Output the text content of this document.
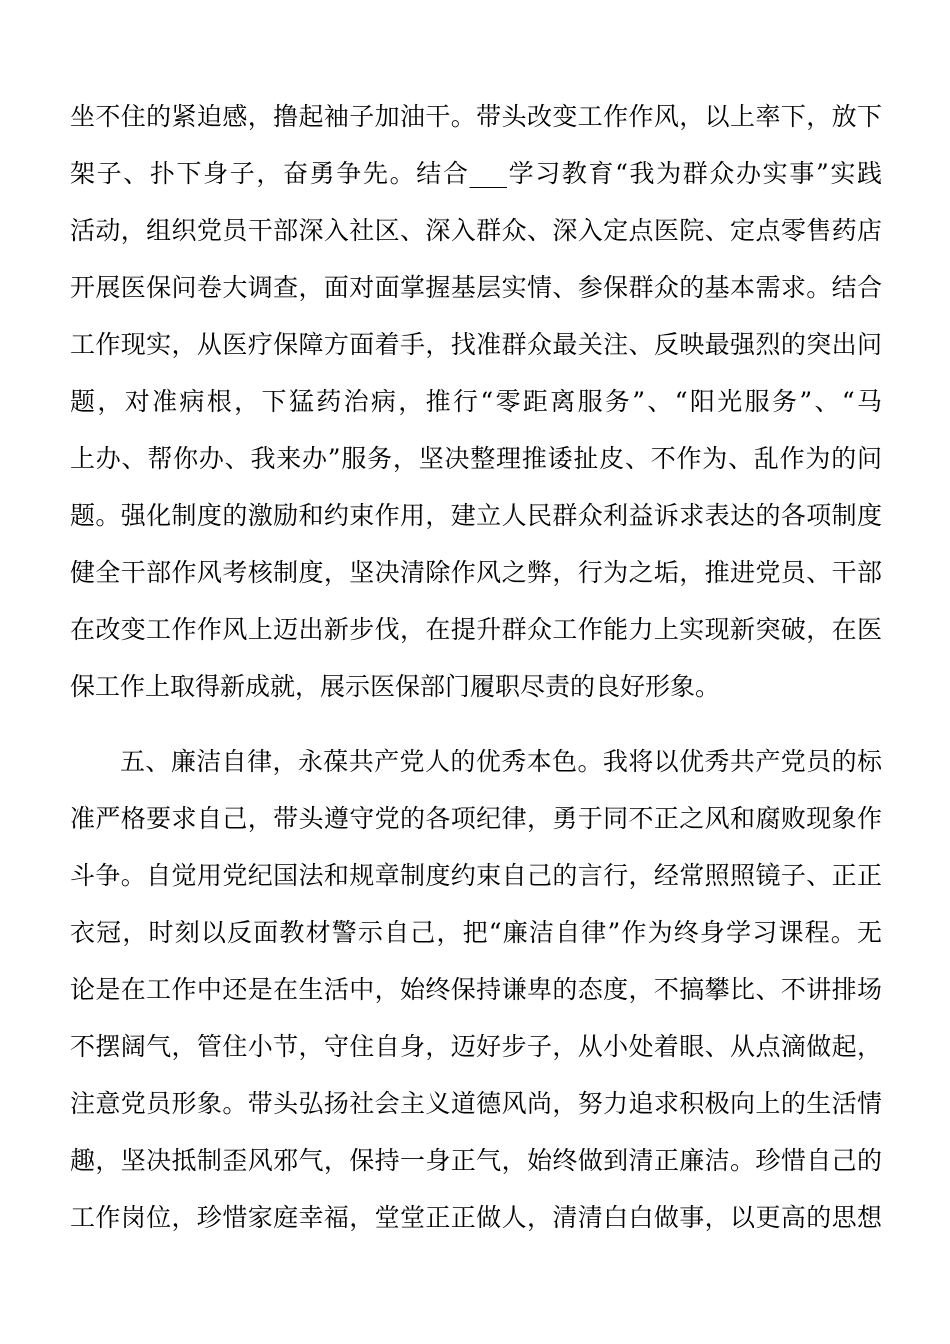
坐不住的紧迫感，撸起袖子加油干。带头改变工作作风，以上率下，放下
架子、扑下身子，奋勇争先。结合___学习教育“我为群众办实事”实践
活动，组织党员干部深入社区、深入群众、深入定点医院、定点零售药店
开展医保问卷大调查，面对面掌握基层实情、参保群众的基本需求。结合
工作现实，从医疗保障方面着手，找准群众最关注、反映最强烈的突出问
题，对准病根，下猛药治病，推行“零距离服务”、“阳光服务”、“马
上办、帮你办、我来办”服务，坚决整理推诿扯皮、不作为、乱作为的问
题。强化制度的激励和约束作用，建立人民群众利益诉求表达的各项制度
健全干部作风考核制度，坚决清除作风之弊，行为之垢，推进党员、干部
在改变工作作风上迈出新步伐，在提升群众工作能力上实现新突破，在医
保工作上取得新成就，展示医保部门履职尽责的良好形象。
五、廉洁自律，永葆共产党人的优秀本色。我将以优秀共产党员的标
准严格要求自己，带头遵守党的各项纪律，勇于同不正之风和腐败现象作
斗争。自觉用党纪国法和规章制度约束自己的言行，经常照照镜子、正正
衣冠，时刻以反面教材警示自己，把“廉洁自律”作为终身学习课程。无
论是在工作中还是在生活中，始终保持谦卑的态度，不搞攀比、不讲排场
不摆阔气，管住小节，守住自身，迈好步子，从小处着眼、从点滴做起，
注意党员形象。带头弘扬社会主义道德风尚，努力追求积极向上的生活情
趣，坚决抵制歪风邪气，保持一身正气，始终做到清正廉洁。珍惜自己的
工作岗位，珍惜家庭幸福，堂堂正正做人，清清白白做事，以更高的思想
